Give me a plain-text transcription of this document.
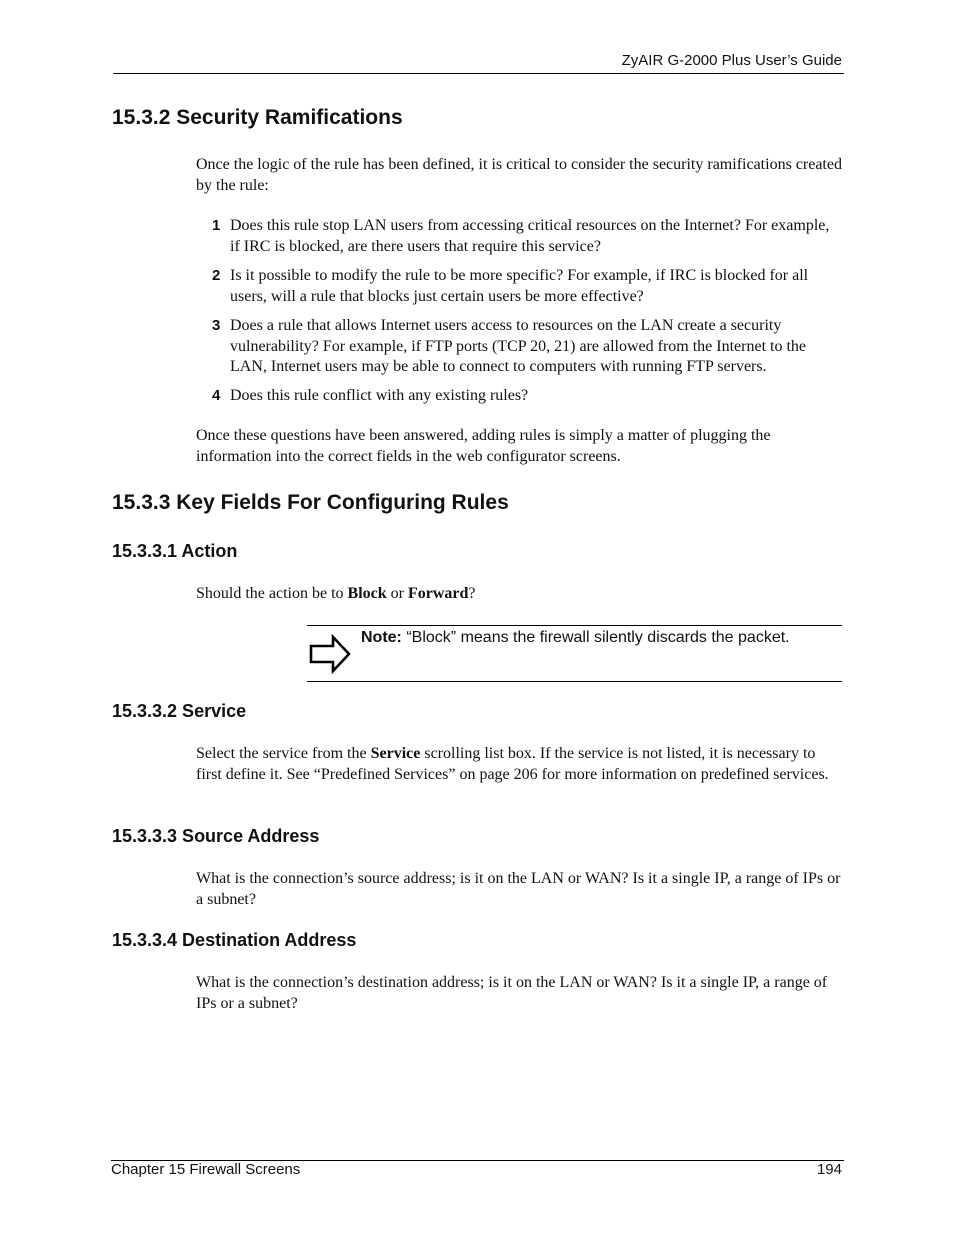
ZyAIR G-2000 Plus User’s Guide
15.3.2 Security Ramifications
Once the logic of the rule has been defined, it is critical to consider the security ramifications created by the rule:
1 Does this rule stop LAN users from accessing critical resources on the Internet? For example, if IRC is blocked, are there users that require this service?
2 Is it possible to modify the rule to be more specific? For example, if IRC is blocked for all users, will a rule that blocks just certain users be more effective?
3 Does a rule that allows Internet users access to resources on the LAN create a security vulnerability? For example, if FTP ports (TCP 20, 21) are allowed from the Internet to the LAN, Internet users may be able to connect to computers with running FTP servers.
4 Does this rule conflict with any existing rules?
Once these questions have been answered, adding rules is simply a matter of plugging the information into the correct fields in the web configurator screens.
15.3.3 Key Fields For Configuring Rules
15.3.3.1 Action
Should the action be to Block or Forward?
Note: “Block” means the firewall silently discards the packet.
15.3.3.2 Service
Select the service from the Service scrolling list box. If the service is not listed, it is necessary to first define it. See “Predefined Services” on page 206 for more information on predefined services.
15.3.3.3 Source Address
What is the connection’s source address; is it on the LAN or WAN? Is it a single IP, a range of IPs or a subnet?
15.3.3.4 Destination Address
What is the connection’s destination address; is it on the LAN or WAN? Is it a single IP, a range of IPs or a subnet?
Chapter 15 Firewall Screens	194
